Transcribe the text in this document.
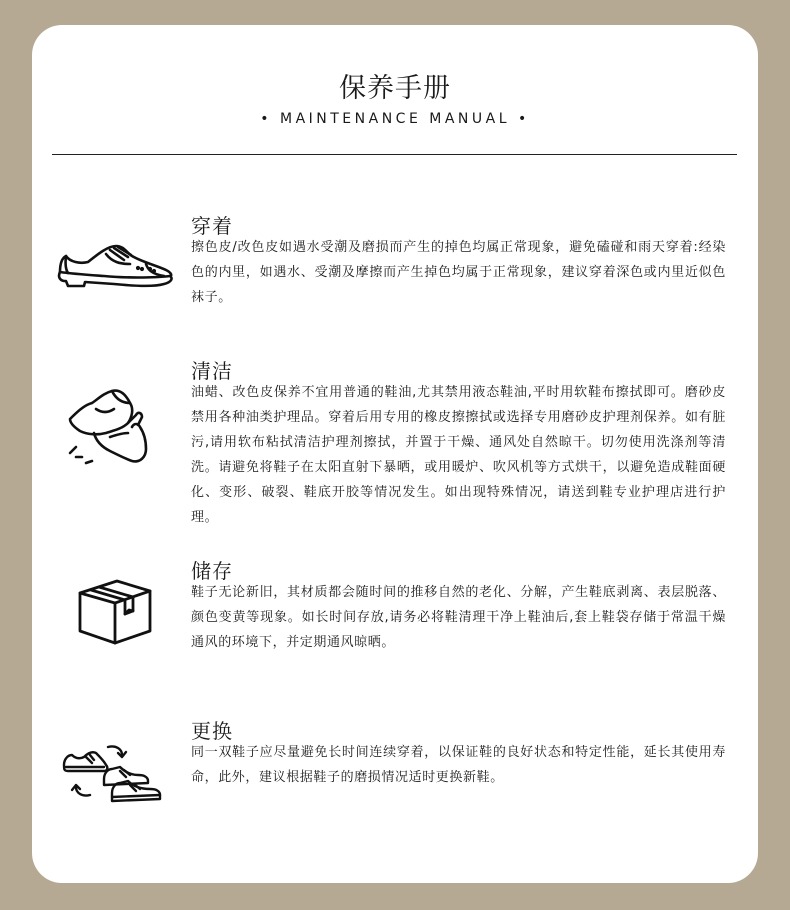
保养手册
• MAINTENANCE MANUAL •
穿着
擦色皮/改色皮如遇水受潮及磨损而产生的掉色均属正常现象，避免磕碰和雨天穿着:经染色的内里，如遇水、受潮及摩擦而产生掉色均属于正常现象，建议穿着深色或内里近似色袜子。
清洁
油蜡、改色皮保养不宜用普通的鞋油,尤其禁用液态鞋油,平时用软鞋布擦拭即可。磨砂皮禁用各种油类护理品。穿着后用专用的橡皮擦擦拭或选择专用磨砂皮护理剂保养。如有脏污,请用软布粘拭清洁护理剂擦拭，并置于干燥、通风处自然晾干。切勿使用洗涤剂等清洗。请避免将鞋子在太阳直射下暴晒，或用暖炉、吹风机等方式烘干，以避免造成鞋面硬化、变形、破裂、鞋底开胶等情况发生。如出现特殊情况，请送到鞋专业护理店进行护理。
储存
鞋子无论新旧，其材质都会随时间的推移自然的老化、分解，产生鞋底剥离、表层脱落、颜色变黄等现象。如长时间存放,请务必将鞋清理干净上鞋油后,套上鞋袋存储于常温干燥通风的环境下，并定期通风晾晒。
更换
同一双鞋子应尽量避免长时间连续穿着，以保证鞋的良好状态和特定性能，延长其使用寿命，此外，建议根据鞋子的磨损情况适时更换新鞋。
